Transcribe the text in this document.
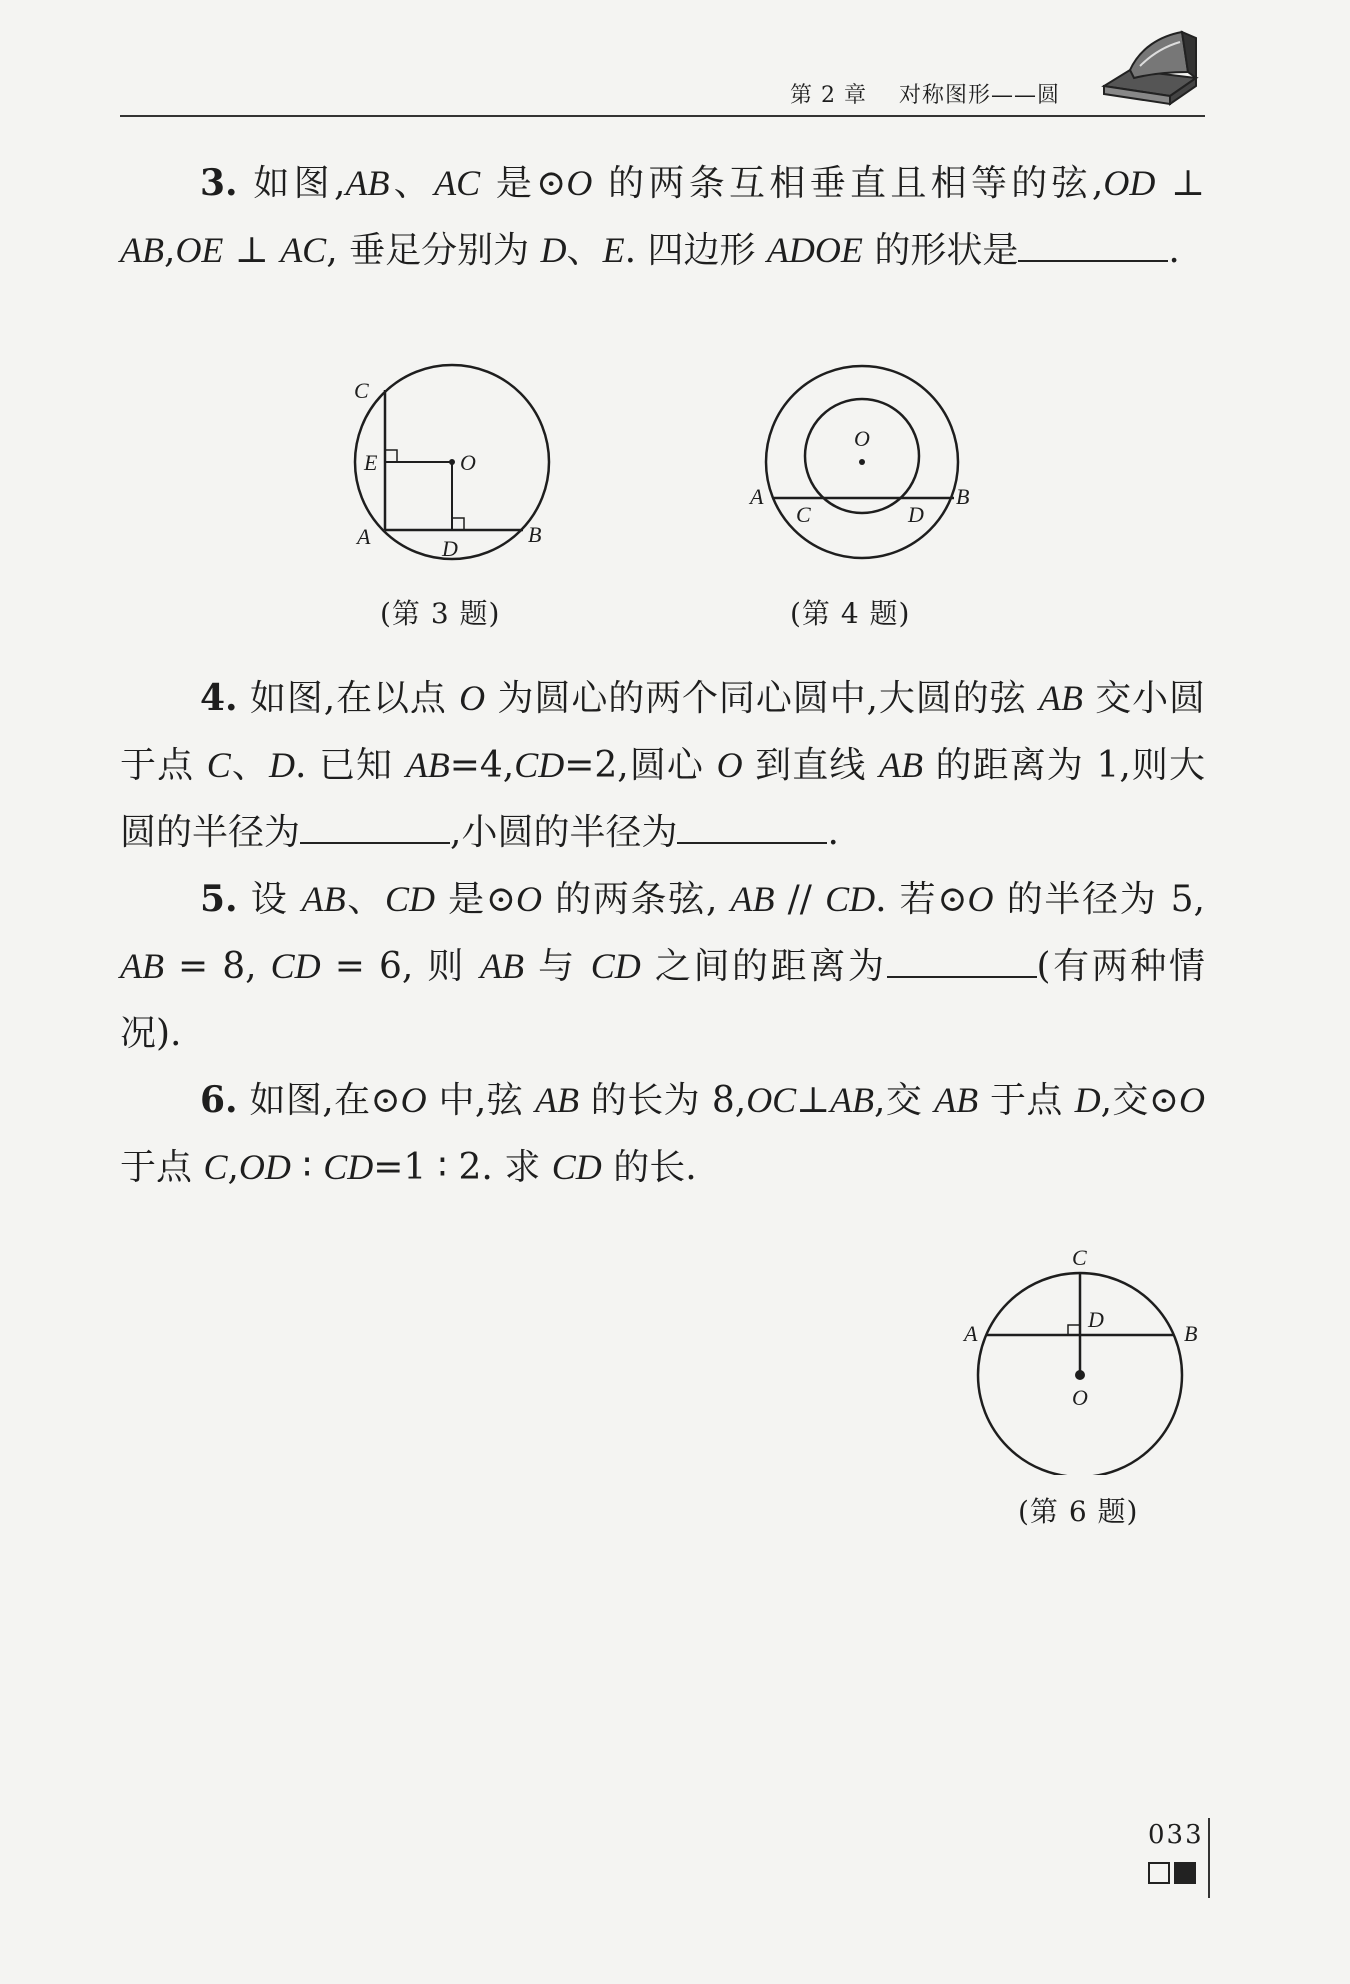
第 2 章 对称图形——圆
3. 如图,AB、AC 是⊙O 的两条互相垂直且相等的弦,OD ⊥ AB,OE ⊥ AC, 垂足分别为 D、E. 四边形 ADOE 的形状是	.
C
E	O
A	D
B
(第 3 题)
O
A
C	D
B
(第 4 题)
4. 如图,在以点 O 为圆心的两个同心圆中,大圆的弦 AB 交小圆于点 C、D. 已知 AB=4,CD=2,圆心 O 到直线 AB 的距离为 1,则大圆的半径为	,小圆的半径为	.
5. 设 AB、CD 是⊙O 的两条弦, AB // CD. 若⊙O 的半径为 5, AB = 8, CD = 6, 则 AB 与 CD 之间的距离为	(有两种情况).
6. 如图,在⊙O 中,弦 AB 的长为 8,OC⊥AB,交 AB 于点 D,交⊙O 于点 C,OD ∶ CD=1 ∶ 2. 求 CD 的长.
C
A
D
B
O
(第 6 题)
033
